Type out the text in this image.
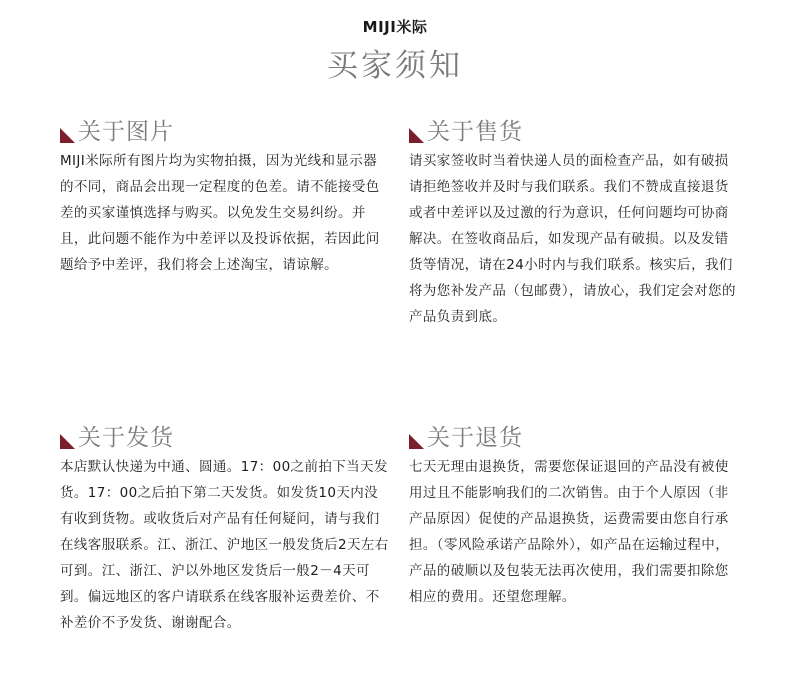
MIJI米际
买家须知
关于图片
MIJI米际所有图片均为实物拍摄，因为光线和显示器的不同，商品会出现一定程度的色差。请不能接受色差的买家谨慎选择与购买。以免发生交易纠纷。并且，此问题不能作为中差评以及投诉依据，若因此问题给予中差评，我们将会上述淘宝，请谅解。
关于售货
请买家签收时当着快递人员的面检查产品，如有破损请拒绝签收并及时与我们联系。我们不赞成直接退货或者中差评以及过激的行为意识，任何问题均可协商解决。在签收商品后，如发现产品有破损。以及发错货等情况，请在24小时内与我们联系。核实后，我们将为您补发产品（包邮费），请放心，我们定会对您的产品负责到底。
关于发货
本店默认快递为中通、圆通。17：00之前拍下当天发货。17：00之后拍下第二天发货。如发货10天内没有收到货物。或收货后对产品有任何疑问，请与我们在线客服联系。江、浙江、沪地区一般发货后2天左右可到。江、浙江、沪以外地区发货后一般2－4天可到。偏远地区的客户请联系在线客服补运费差价、不补差价不予发货、谢谢配合。
关于退货
七天无理由退换货，需要您保证退回的产品没有被使用过且不能影响我们的二次销售。由于个人原因（非产品原因）促使的产品退换货，运费需要由您自行承担。（零风险承诺产品除外），如产品在运输过程中，产品的破顺以及包装无法再次使用，我们需要扣除您相应的费用。还望您理解。
